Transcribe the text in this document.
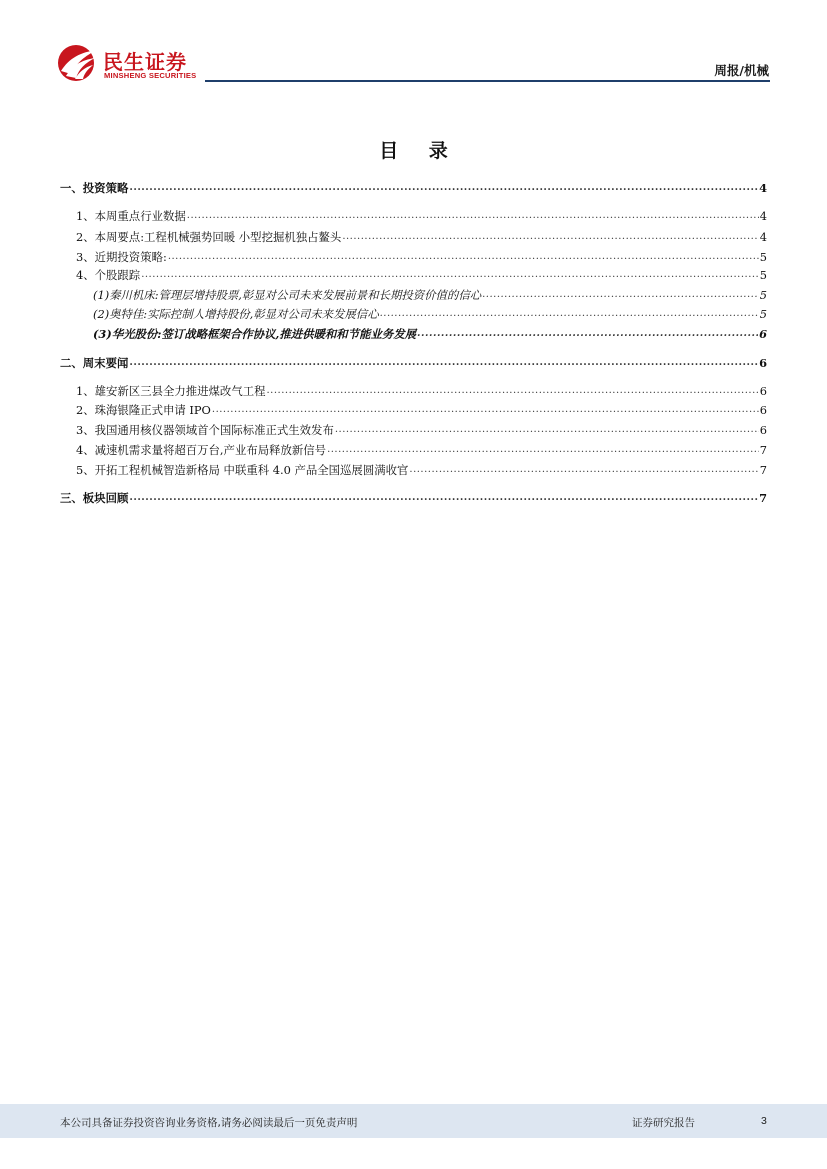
民生证券
MINSHENG SECURITIES	周报/机械
目 录
一、投资策略 .....	4
1、本周重点行业数据 .....	4
2、本周要点:工程机械强势回暖 小型挖掘机独占鳌头 .....	4
3、近期投资策略: .....	5
4、个股跟踪 .....	5
(1)秦川机床:管理层增持股票,彰显对公司未来发展前景和长期投资价值的信心 .....	5
(2)奥特佳:实际控制人增持股份,彰显对公司未来发展信心 .....	5
(3)华光股份:签订战略框架合作协议,推进供暖和和节能业务发展 .....	6
二、周末要闻 .....	6
1、雄安新区三县全力推进煤改气工程 .....	6
2、珠海银隆正式申请 IPO .....	6
3、我国通用核仪器领域首个国际标准正式生效发布 .....	6
4、减速机需求量将超百万台,产业布局释放新信号 .....	7
5、开拓工程机械智造新格局 中联重科 4.0 产品全国巡展圆满收官 .....	7
三、板块回顾 .....	7
本公司具备证券投资咨询业务资格,请务必阅读最后一页免责声明	证券研究报告	3
